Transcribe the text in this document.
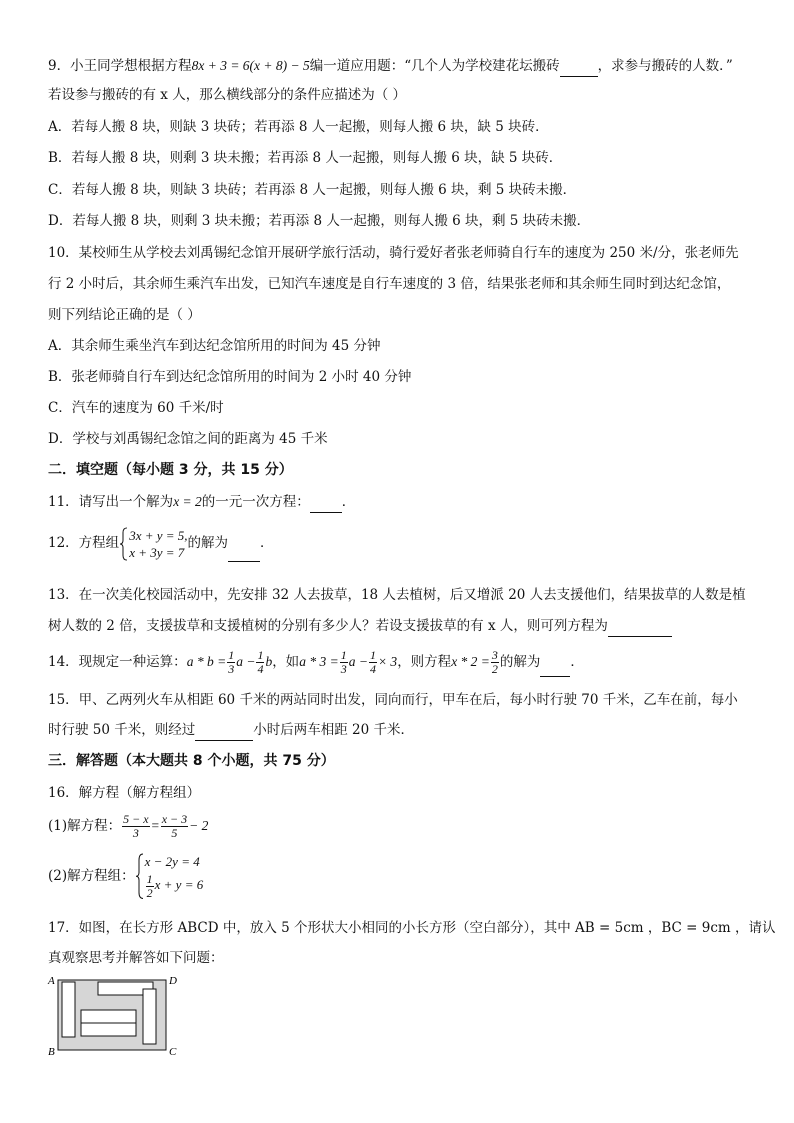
9．小王同学想根据方程8x + 3 = 6(x + 8) − 5编一道应用题：“几个人为学校建花坛搬砖	，求参与搬砖的人数．”
若设参与搬砖的有 x 人，那么横线部分的条件应描述为（ ）
A．若每人搬 8 块，则缺 3 块砖；若再添 8 人一起搬，则每人搬 6 块，缺 5 块砖．
B．若每人搬 8 块，则剩 3 块未搬；若再添 8 人一起搬，则每人搬 6 块，缺 5 块砖．
C．若每人搬 8 块，则缺 3 块砖；若再添 8 人一起搬，则每人搬 6 块，剩 5 块砖未搬．
D．若每人搬 8 块，则剩 3 块未搬；若再添 8 人一起搬，则每人搬 6 块，剩 5 块砖未搬．
10．某校师生从学校去刘禹锡纪念馆开展研学旅行活动，骑行爱好者张老师骑自行车的速度为 250 米/分，张老师先
行 2 小时后，其余师生乘汽车出发，已知汽车速度是自行车速度的 3 倍，结果张老师和其余师生同时到达纪念馆，
则下列结论正确的是（ ）
A．其余师生乘坐汽车到达纪念馆所用的时间为 45 分钟
B．张老师骑自行车到达纪念馆所用的时间为 2 小时 40 分钟
C．汽车的速度为 60 千米/时
D．学校与刘禹锡纪念馆之间的距离为 45 千米
二．填空题（每小题 3 分，共 15 分）
11．请写出一个解为x = 2的一元一次方程： ．
12．方程组 3x + y = 5,
x + 3y = 7
的解为 ．
13．在一次美化校园活动中，先安排 32 人去拔草，18 人去植树，后又增派 20 人去支援他们，结果拔草的人数是植
树人数的 2 倍，支援拔草和支援植树的分别有多少人？若设支援拔草的有 x 人，则可列方程为
14．现规定一种运算：$a * b = \frac{1}{3}$ $a - \frac{1}{4}$ b，如$a * 3 = \frac{1}{3}$ $a - \frac{1}{4} \times 3$，则方程$x * 2 = \frac{3}{2}$ 的解为 ．
15．甲、乙两列火车从相距 60 千米的两站同时出发，同向而行，甲车在后，每小时行驶 70 千米，乙车在前，每小
时行驶 50 千米，则经过	小时后两车相距 20 千米．
三．解答题（本大题共 8 个小题，共 75 分）
16．解方程（解方程组）
(1)解方程： $\frac{5 - x}{3} = \frac{x - 3}{5} - 2$
(2)解方程组：
x − 2y = 4
$\frac{1}{2}$ x + y = 6
17．如图，在长方形 ABCD 中，放入 5 个形状大小相同的小长方形（空白部分），其中 AB = 5cm ，BC = 9cm ，请认
真观察思考并解答如下问题：
A	D
B	C
